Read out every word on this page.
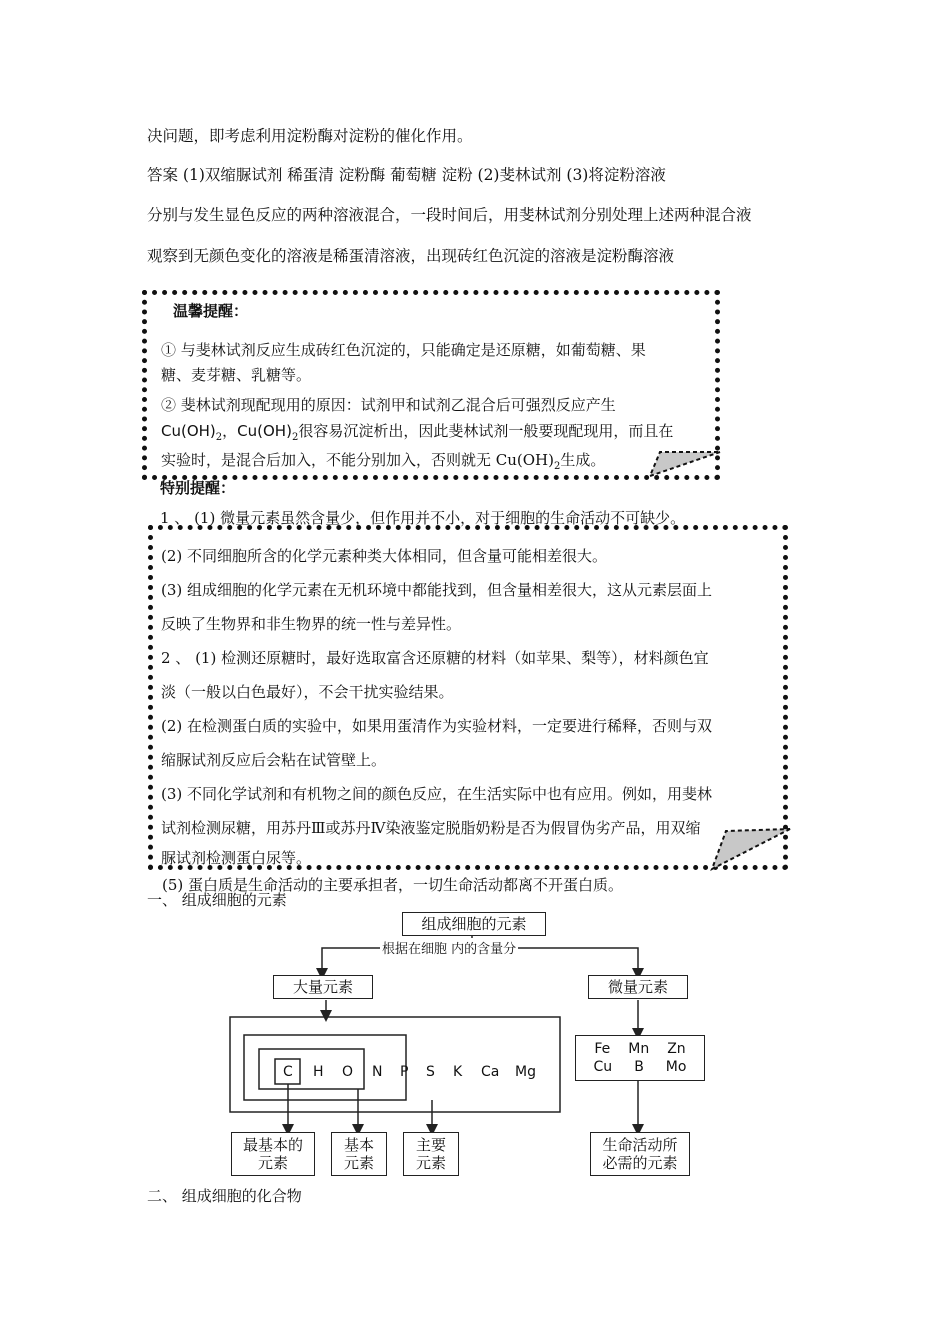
决问题，即考虑利用淀粉酶对淀粉的催化作用。
答案 (1)双缩脲试剂 稀蛋清 淀粉酶 葡萄糖 淀粉 (2)斐林试剂 (3)将淀粉溶液
分别与发生显色反应的两种溶液混合，一段时间后，用斐林试剂分别处理上述两种混合液
观察到无颜色变化的溶液是稀蛋清溶液，出现砖红色沉淀的溶液是淀粉酶溶液
温馨提醒：
① 与斐林试剂反应生成砖红色沉淀的，只能确定是还原糖，如葡萄糖、果
糖、麦芽糖、乳糖等。
② 斐林试剂现配现用的原因：试剂甲和试剂乙混合后可强烈反应产生
$Cu(OH)_2$，$Cu(OH)_2$很容易沉淀析出，因此斐林试剂一般要现配现用，而且在
实验时，是混合后加入，不能分别加入，否则就无 $Cu(OH)_2$生成。
特别提醒：
1 、 (1) 微量元素虽然含量少，但作用并不小，对于细胞的生命活动不可缺少。
(2) 不同细胞所含的化学元素种类大体相同，但含量可能相差很大。
(3) 组成细胞的化学元素在无机环境中都能找到，但含量相差很大，这从元素层面上
反映了生物界和非生物界的统一性与差异性。
2 、 (1) 检测还原糖时，最好选取富含还原糖的材料（如苹果、梨等），材料颜色宜
淡（一般以白色最好），不会干扰实验结果。
(2) 在检测蛋白质的实验中，如果用蛋清作为实验材料，一定要进行稀释，否则与双
缩脲试剂反应后会粘在试管壁上。
(3) 不同化学试剂和有机物之间的颜色反应，在生活实际中也有应用。例如，用斐林
试剂检测尿糖，用苏丹Ⅲ或苏丹Ⅳ染液鉴定脱脂奶粉是否为假冒伪劣产品，用双缩
脲试剂检测蛋白尿等。
(5) 蛋白质是生命活动的主要承担者，一切生命活动都离不开蛋白质。
一、 组成细胞的元素
组成细胞的元素
根据在细胞 内的含量分
大量元素	微量元素
C H O N P S K Ca Mg
Fe Mn Zn
Cu B Mo
最基本的
元素
基本
元素
主要
元素
生命活动所
必需的元素
二、 组成细胞的化合物
